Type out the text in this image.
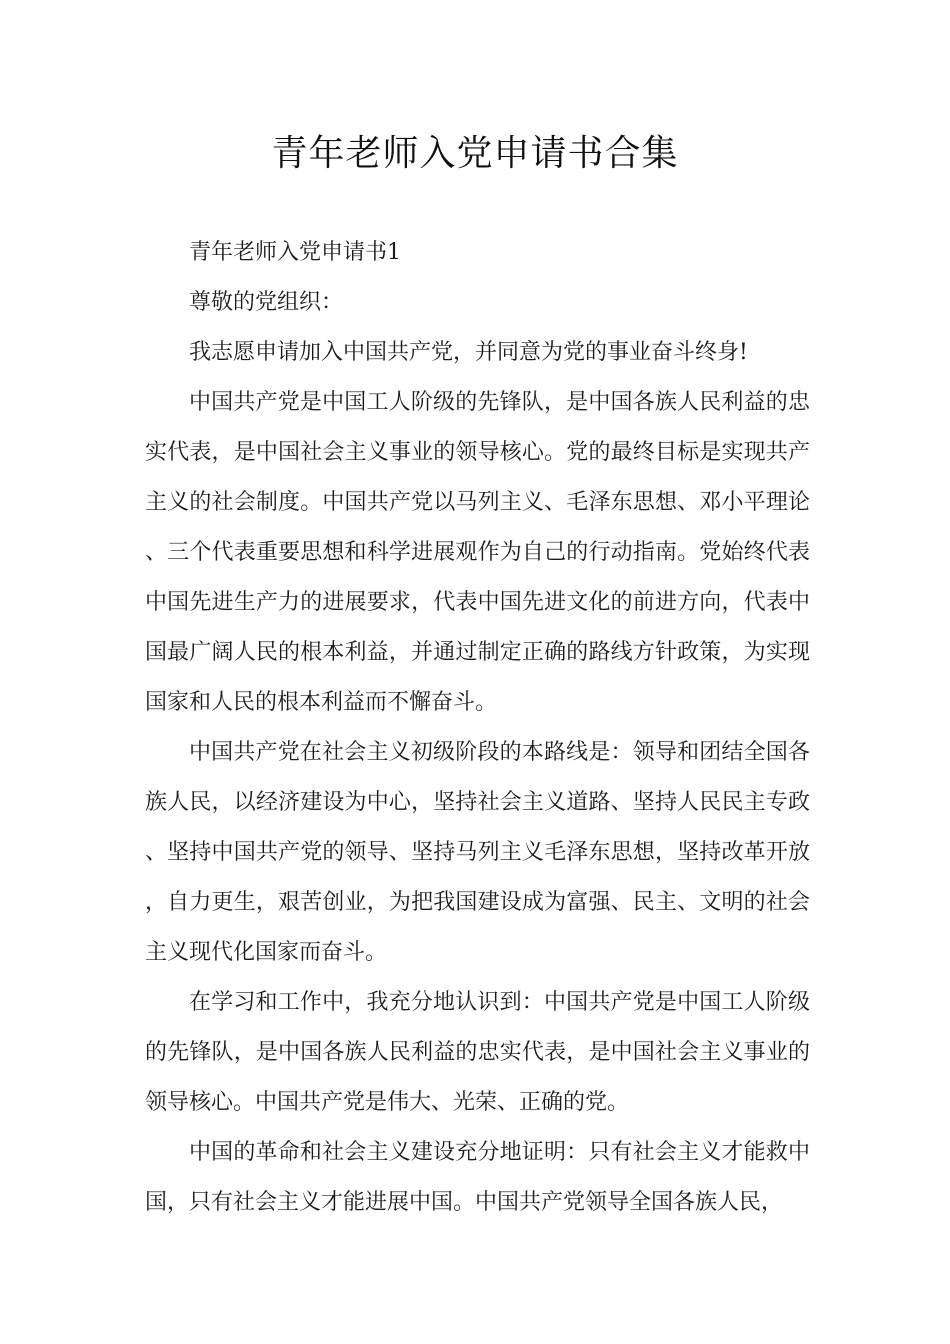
青年老师入党申请书合集

青年老师入党申请书1

尊敬的党组织：

我志愿申请加入中国共产党，并同意为党的事业奋斗终身!

中国共产党是中国工人阶级的先锋队，是中国各族人民利益的忠实代表，是中国社会主义事业的领导核心。党的最终目标是实现共产主义的社会制度。中国共产党以马列主义、毛泽东思想、邓小平理论、三个代表重要思想和科学进展观作为自己的行动指南。党始终代表中国先进生产力的进展要求，代表中国先进文化的前进方向，代表中国最广阔人民的根本利益，并通过制定正确的路线方针政策，为实现国家和人民的根本利益而不懈奋斗。

中国共产党在社会主义初级阶段的本路线是：领导和团结全国各族人民，以经济建设为中心，坚持社会主义道路、坚持人民民主专政、坚持中国共产党的领导、坚持马列主义毛泽东思想，坚持改革开放，自力更生，艰苦创业，为把我国建设成为富强、民主、文明的社会主义现代化国家而奋斗。

在学习和工作中，我充分地认识到：中国共产党是中国工人阶级的先锋队，是中国各族人民利益的忠实代表，是中国社会主义事业的领导核心。中国共产党是伟大、光荣、正确的党。

中国的革命和社会主义建设充分地证明：只有社会主义才能救中国，只有社会主义才能进展中国。中国共产党领导全国各族人民，
